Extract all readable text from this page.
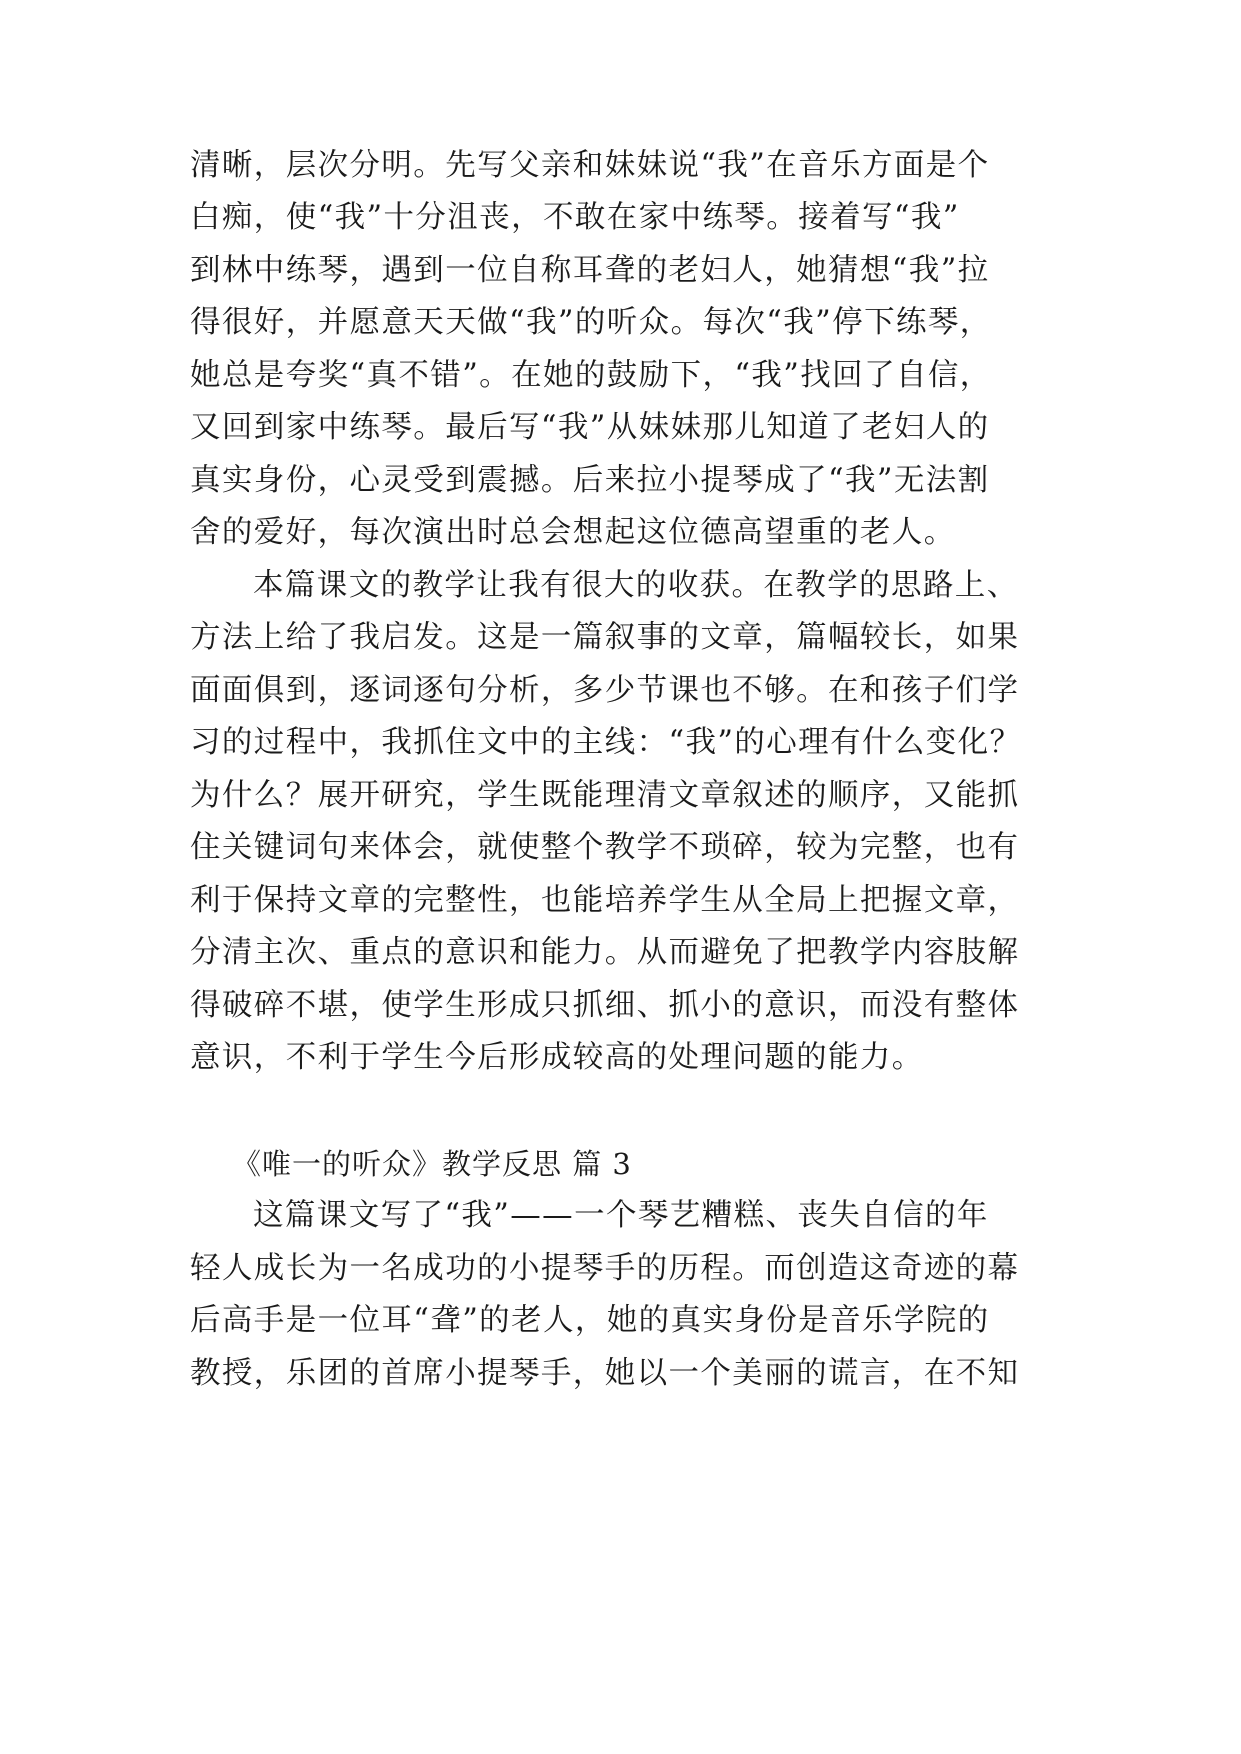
清晰，层次分明。先写父亲和妹妹说“我”在音乐方面是个
白痴，使“我”十分沮丧，不敢在家中练琴。接着写“我”
到林中练琴，遇到一位自称耳聋的老妇人，她猜想“我”拉
得很好，并愿意天天做“我”的听众。每次“我”停下练琴，
她总是夸奖“真不错”。在她的鼓励下，“我”找回了自信，
又回到家中练琴。最后写“我”从妹妹那儿知道了老妇人的
真实身份，心灵受到震撼。后来拉小提琴成了“我”无法割
舍的爱好，每次演出时总会想起这位德高望重的老人。
本篇课文的教学让我有很大的收获。在教学的思路上、
方法上给了我启发。这是一篇叙事的文章，篇幅较长，如果
面面俱到，逐词逐句分析，多少节课也不够。在和孩子们学
习的过程中，我抓住文中的主线：“我”的心理有什么变化？
为什么？展开研究，学生既能理清文章叙述的顺序，又能抓
住关键词句来体会，就使整个教学不琐碎，较为完整，也有
利于保持文章的完整性，也能培养学生从全局上把握文章，
分清主次、重点的意识和能力。从而避免了把教学内容肢解
得破碎不堪，使学生形成只抓细、抓小的意识，而没有整体
意识，不利于学生今后形成较高的处理问题的能力。
《唯一的听众》教学反思 篇 3
这篇课文写了“我”——一个琴艺糟糕、丧失自信的年
轻人成长为一名成功的小提琴手的历程。而创造这奇迹的幕
后高手是一位耳“聋”的老人，她的真实身份是音乐学院的
教授，乐团的首席小提琴手，她以一个美丽的谎言，在不知
